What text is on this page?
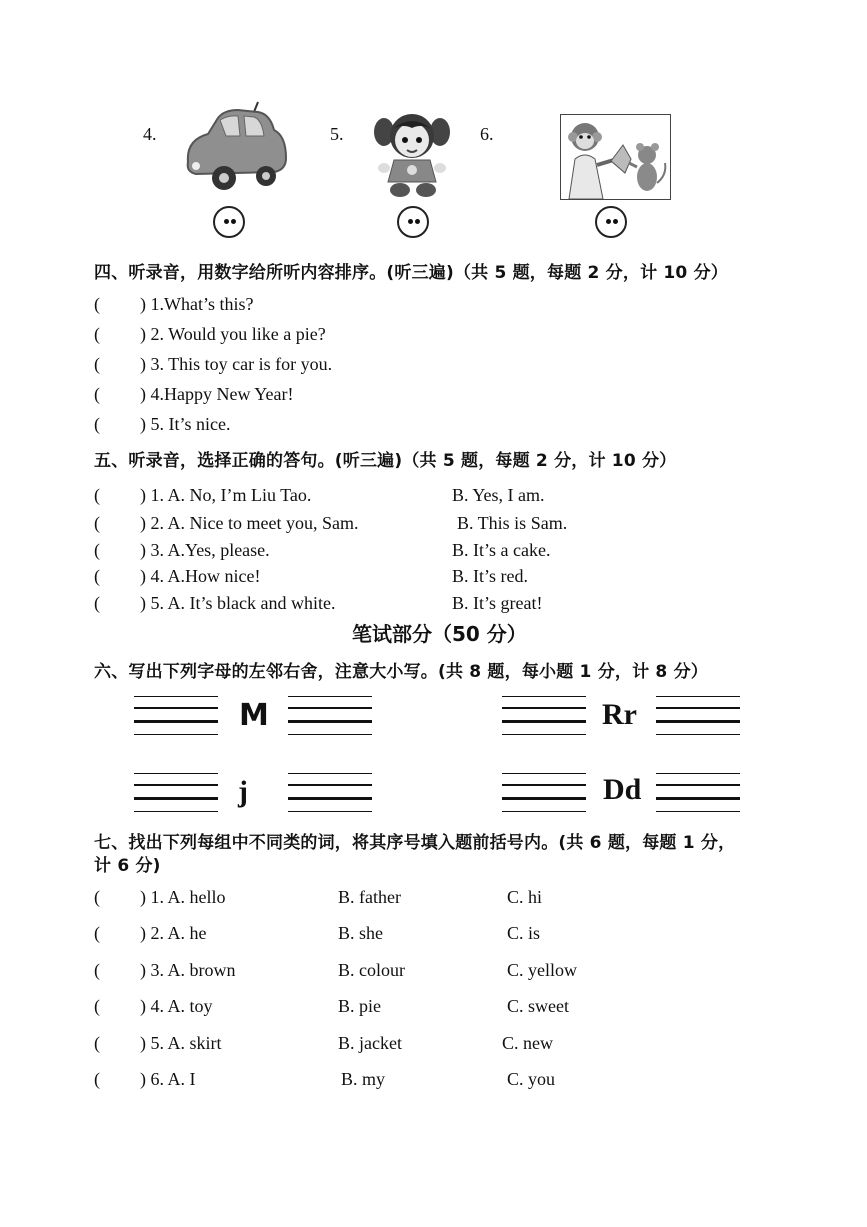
4.	5.	6.
四、听录音，用数字给所听内容排序。(听三遍)（共 5 题，每题 2 分，计 10 分）
( ) 1.What’s this?
( ) 2. Would you like a pie?
( ) 3. This toy car is for you.
( ) 4.Happy New Year!
( ) 5. It’s nice.
五、听录音，选择正确的答句。(听三遍)（共 5 题，每题 2 分，计 10 分）
( ) 1. A. No, I’m Liu Tao.	B. Yes, I am.
( ) 2. A. Nice to meet you, Sam.	B. This is Sam.
( ) 3. A.Yes, please.	B. It’s a cake.
( ) 4. A.How nice!	B. It’s red.
( ) 5. A. It’s black and white.	B. It’s great!
笔试部分（50 分）
六、写出下列字母的左邻右舍，注意大小写。(共 8 题，每小题 1 分，计 8 分）
M	Rr
j	Dd
七、找出下列每组中不同类的词，将其序号填入题前括号内。(共 6 题，每题 1 分，
计 6 分)
( ) 1. A. hello	B. father	C. hi
( ) 2. A. he	B. she	C. is
( ) 3. A. brown	B. colour	C. yellow
( ) 4. A. toy	B. pie	C. sweet
( ) 5. A. skirt	B. jacket	C. new
( ) 6. A. I	B. my	C. you
